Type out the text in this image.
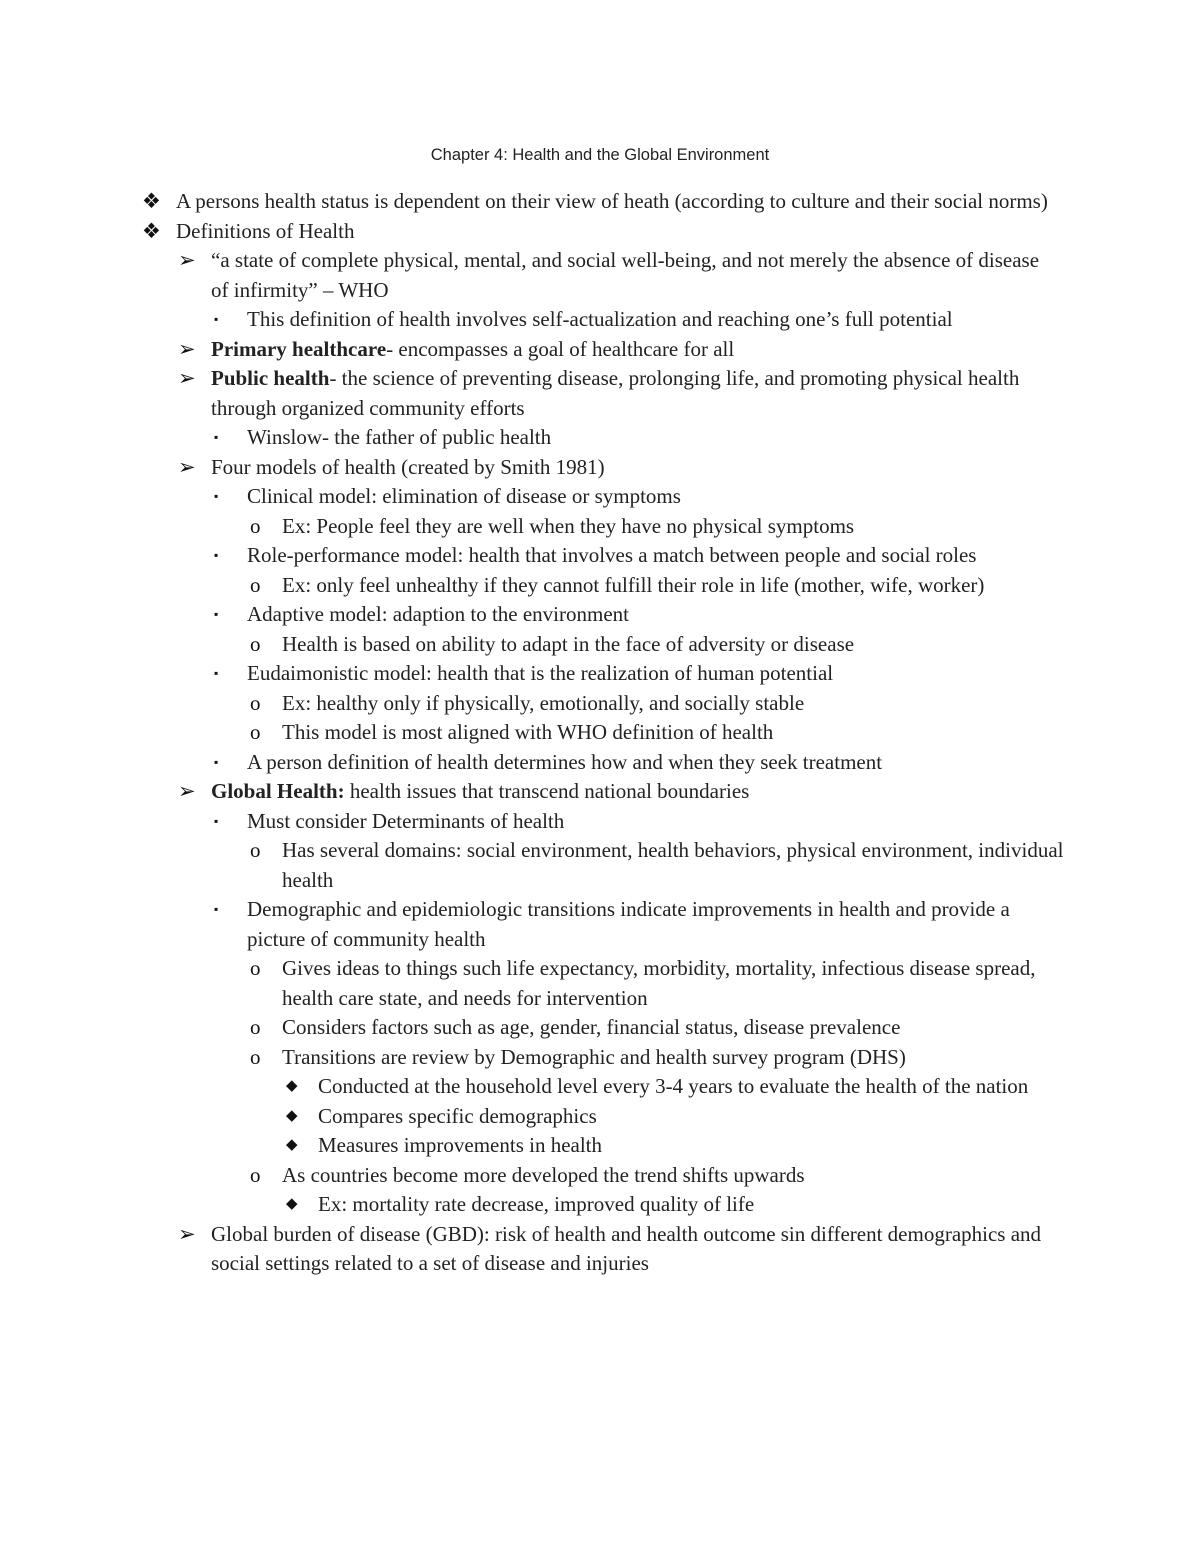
Chapter 4: Health and the Global Environment
❖ A persons health status is dependent on their view of heath (according to culture and their social norms)
❖ Definitions of Health
➢ “a state of complete physical, mental, and social well-being, and not merely the absence of disease of infirmity” – WHO
▪ This definition of health involves self-actualization and reaching one’s full potential
➢ Primary healthcare- encompasses a goal of healthcare for all
➢ Public health- the science of preventing disease, prolonging life, and promoting physical health through organized community efforts
▪ Winslow- the father of public health
➢ Four models of health (created by Smith 1981)
▪ Clinical model: elimination of disease or symptoms
o Ex: People feel they are well when they have no physical symptoms
▪ Role-performance model: health that involves a match between people and social roles
o Ex: only feel unhealthy if they cannot fulfill their role in life (mother, wife, worker)
▪ Adaptive model: adaption to the environment
o Health is based on ability to adapt in the face of adversity or disease
▪ Eudaimonistic model: health that is the realization of human potential
o Ex: healthy only if physically, emotionally, and socially stable
o This model is most aligned with WHO definition of health
▪ A person definition of health determines how and when they seek treatment
➢ Global Health: health issues that transcend national boundaries
▪ Must consider Determinants of health
o Has several domains: social environment, health behaviors, physical environment, individual health
▪ Demographic and epidemiologic transitions indicate improvements in health and provide a picture of community health
o Gives ideas to things such life expectancy, morbidity, mortality, infectious disease spread, health care state, and needs for intervention
o Considers factors such as age, gender, financial status, disease prevalence
o Transitions are review by Demographic and health survey program (DHS)
◆ Conducted at the household level every 3-4 years to evaluate the health of the nation
◆ Compares specific demographics
◆ Measures improvements in health
o As countries become more developed the trend shifts upwards
◆ Ex: mortality rate decrease, improved quality of life
➢ Global burden of disease (GBD): risk of health and health outcome sin different demographics and social settings related to a set of disease and injuries
